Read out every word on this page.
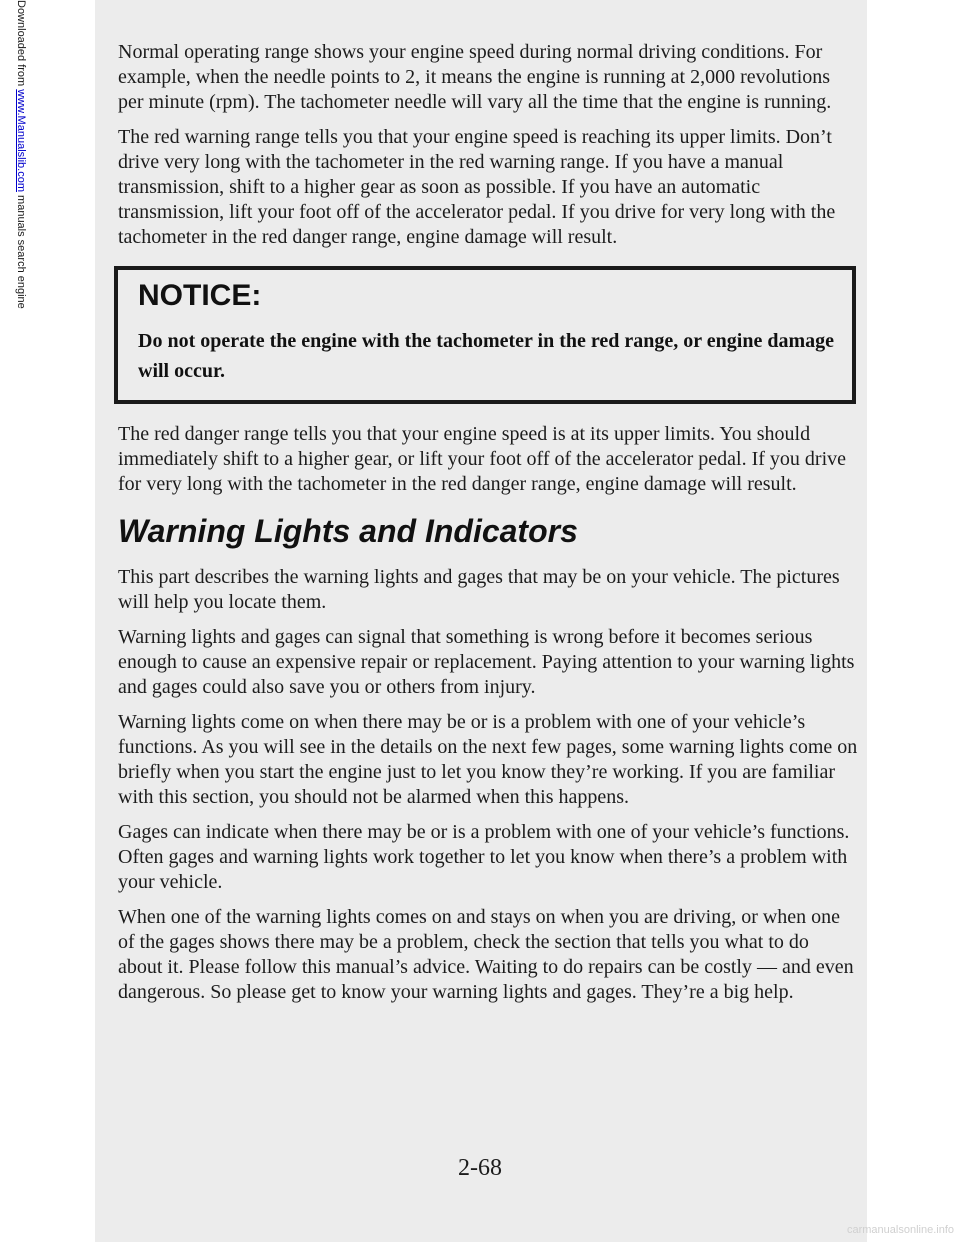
Downloaded from www.Manualslib.com manuals search engine

Normal operating range shows your engine speed during normal driving conditions. For example, when the needle points to 2, it means the engine is running at 2,000 revolutions per minute (rpm). The tachometer needle will vary all the time that the engine is running.

The red warning range tells you that your engine speed is reaching its upper limits. Don’t drive very long with the tachometer in the red warning range. If you have a manual transmission, shift to a higher gear as soon as possible. If you have an automatic transmission, lift your foot off of the accelerator pedal. If you drive for very long with the tachometer in the red danger range, engine damage will result.

NOTICE:
Do not operate the engine with the tachometer in the red range, or engine damage will occur.

The red danger range tells you that your engine speed is at its upper limits. You should immediately shift to a higher gear, or lift your foot off of the accelerator pedal. If you drive for very long with the tachometer in the red danger range, engine damage will result.

Warning Lights and Indicators

This part describes the warning lights and gages that may be on your vehicle. The pictures will help you locate them.

Warning lights and gages can signal that something is wrong before it becomes serious enough to cause an expensive repair or replacement. Paying attention to your warning lights and gages could also save you or others from injury.

Warning lights come on when there may be or is a problem with one of your vehicle’s functions. As you will see in the details on the next few pages, some warning lights come on briefly when you start the engine just to let you know they’re working. If you are familiar with this section, you should not be alarmed when this happens.

Gages can indicate when there may be or is a problem with one of your vehicle’s functions. Often gages and warning lights work together to let you know when there’s a problem with your vehicle.

When one of the warning lights comes on and stays on when you are driving, or when one of the gages shows there may be a problem, check the section that tells you what to do about it. Please follow this manual’s advice. Waiting to do repairs can be costly — and even dangerous. So please get to know your warning lights and gages. They’re a big help.

2-68
carmanualsonline.info
